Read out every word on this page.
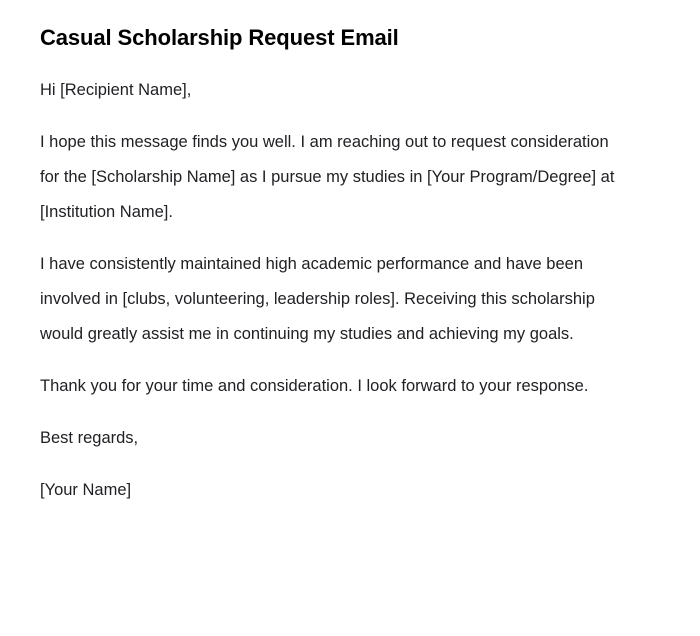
Casual Scholarship Request Email

Hi [Recipient Name],

I hope this message finds you well. I am reaching out to request consideration for the [Scholarship Name] as I pursue my studies in [Your Program/Degree] at [Institution Name].

I have consistently maintained high academic performance and have been involved in [clubs, volunteering, leadership roles]. Receiving this scholarship would greatly assist me in continuing my studies and achieving my goals.

Thank you for your time and consideration. I look forward to your response.

Best regards,

[Your Name]
